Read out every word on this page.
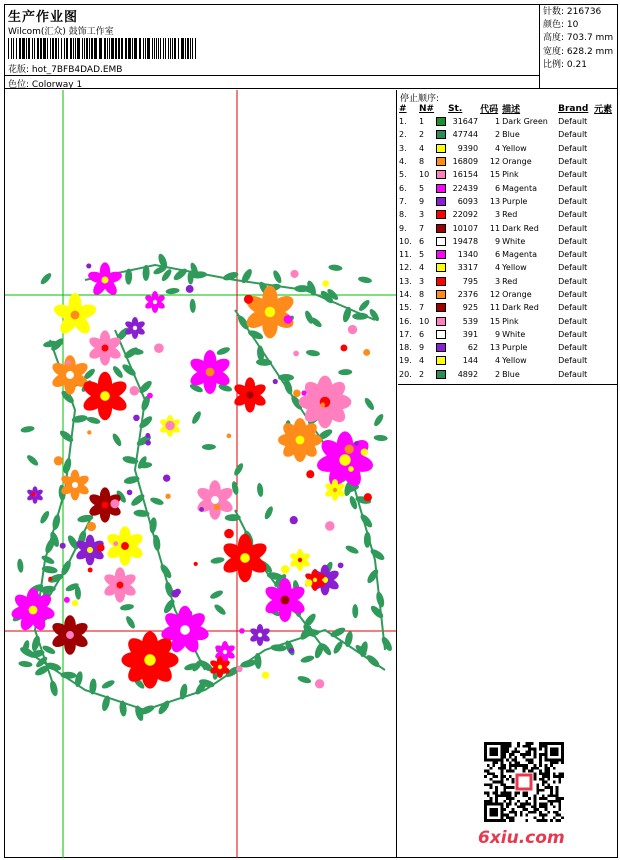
生产作业图
Wilcom(汇众) 鼓饰工作室
花版: hot_7BFB4DAD.EMB
色位: Colorway 1
针数: 216736
颜色: 10
高度: 703.7 mm
宽度: 628.2 mm
比例: 0.21
停止顺序:
#	N#		St.	代码	描述	Brand	元素
1.	1		31647	1	Dark Green	Default	
2.	2		47744	2	Blue	Default	
3.	4		9390	4	Yellow	Default	
4.	8		16809	12	Orange	Default	
5.	10		16154	15	Pink	Default	
6.	5		22439	6	Magenta	Default	
7.	9		6093	13	Purple	Default	
8.	3		22092	3	Red	Default	
9.	7		10107	11	Dark Red	Default	
10.	6		19478	9	White	Default	
11.	5		1340	6	Magenta	Default	
12.	4		3317	4	Yellow	Default	
13.	3		795	3	Red	Default	
14.	8		2376	12	Orange	Default	
15.	7		925	11	Dark Red	Default	
16.	10		539	15	Pink	Default	
17.	6		391	9	White	Default	
18.	9		62	13	Purple	Default	
19.	4		144	4	Yellow	Default	
20.	2		4892	2	Blue	Default	
6xiu.com
